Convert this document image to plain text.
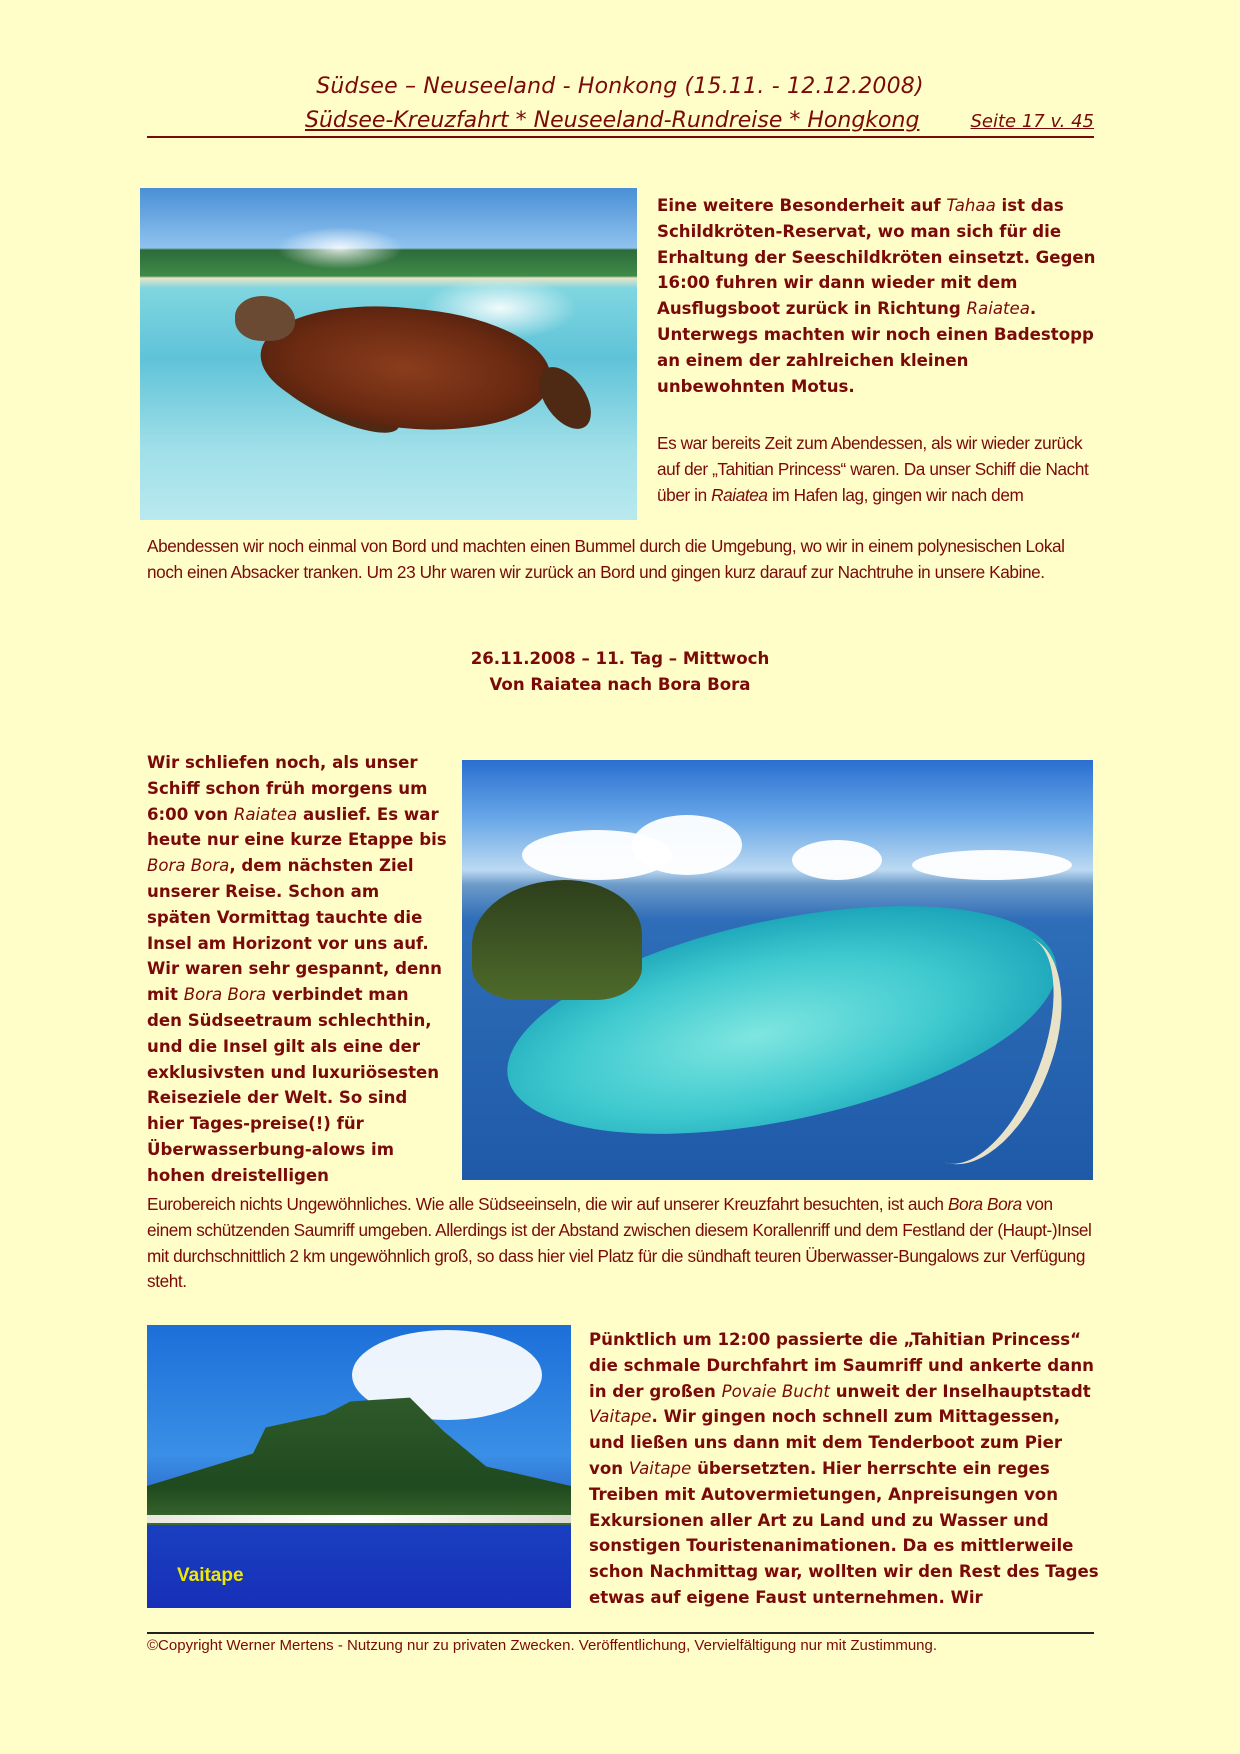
Südsee – Neuseeland - Honkong (15.11. - 12.12.2008)
Südsee-Kreuzfahrt * Neuseeland-Rundreise * Hongkong	Seite 17 v. 45
Eine weitere Besonderheit auf Tahaa ist das Schildkröten-Reservat, wo man sich für die Erhaltung der Seeschildkröten einsetzt. Gegen 16:00 fuhren wir dann wieder mit dem Ausflugsboot zurück in Richtung Raiatea. Unterwegs machten wir noch einen Badestopp an einem der zahlreichen kleinen unbewohnten Motus.
Es war bereits Zeit zum Abendessen, als wir wieder zurück auf der „Tahitian Princess“ waren. Da unser Schiff die Nacht über in Raiatea im Hafen lag, gingen wir nach dem
Abendessen wir noch einmal von Bord und machten einen Bummel durch die Umgebung, wo wir in einem polynesischen Lokal noch einen Absacker tranken. Um 23 Uhr waren wir zurück an Bord und gingen kurz darauf zur Nachtruhe in unsere Kabine.
26.11.2008 – 11. Tag – Mittwoch
Von Raiatea nach Bora Bora
Wir schliefen noch, als unser Schiff schon früh morgens um 6:00 von Raiatea auslief. Es war heute nur eine kurze Etappe bis Bora Bora, dem nächsten Ziel unserer Reise. Schon am späten Vormittag tauchte die Insel am Horizont vor uns auf. Wir waren sehr gespannt, denn mit Bora Bora verbindet man den Südseetraum schlechthin, und die Insel gilt als eine der exklusivsten und luxuriösesten Reiseziele der Welt. So sind hier Tages-preise(!) für Überwasserbung-alows im hohen dreistelligen
Eurobereich nichts Ungewöhnliches. Wie alle Südseeinseln, die wir auf unserer Kreuzfahrt besuchten, ist auch Bora Bora von einem schützenden Saumriff umgeben. Allerdings ist der Abstand zwischen diesem Korallenriff und dem Festland der (Haupt-)Insel mit durchschnittlich 2 km ungewöhnlich groß, so dass hier viel Platz für die sündhaft teuren Überwasser-Bungalows zur Verfügung steht.
Vaitape
Pünktlich um 12:00 passierte die „Tahitian Princess“ die schmale Durchfahrt im Saumriff und ankerte dann in der großen Povaie Bucht unweit der Inselhauptstadt Vaitape. Wir gingen noch schnell zum Mittagessen, und ließen uns dann mit dem Tenderboot zum Pier von Vaitape übersetzten. Hier herrschte ein reges Treiben mit Autovermietungen, Anpreisungen von Exkursionen aller Art zu Land und zu Wasser und sonstigen Touristenanimationen. Da es mittlerweile schon Nachmittag war, wollten wir den Rest des Tages etwas auf eigene Faust unternehmen. Wir
©Copyright Werner Mertens - Nutzung nur zu privaten Zwecken. Veröffentlichung, Vervielfältigung nur mit Zustimmung.
